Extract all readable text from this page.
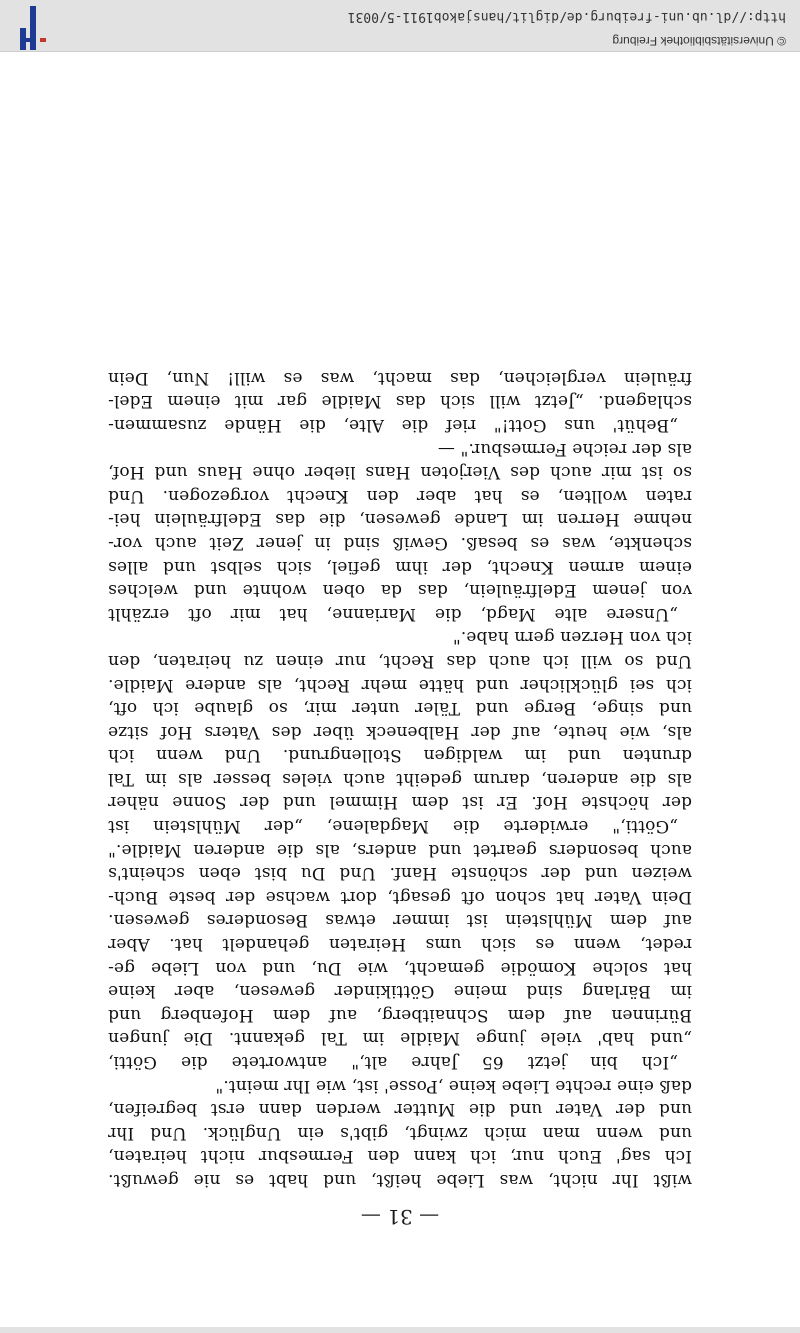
— 31 —
wißt Ihr nicht, was Liebe heißt, und habt es nie gewußt.
Ich sag' Euch nur, ich kann den Fermesbur nicht heiraten,
und wenn man mich zwingt, gibt's ein Unglück. Und Ihr
und der Vater und die Mutter werden dann erst begreifen,
daß eine rechte Liebe keine ,Posse' ist, wie Ihr meint."
„Ich bin jetzt 65 Jahre alt," antwortete die Götti,
„und hab' viele junge Maidle im Tal gekannt. Die jungen
Bürinnen auf dem Schnaitberg, auf dem Hofenberg und
im Bärlang sind meine Göttikinder gewesen, aber keine
hat solche Komödie gemacht, wie Du, und von Liebe ge-
redet, wenn es sich ums Heiraten gehandelt hat. Aber
auf dem Mühlstein ist immer etwas Besonderes gewesen.
Dein Vater hat schon oft gesagt, dort wachse der beste Buch-
weizen und der schönste Hanf. Und Du bist eben scheint's
auch besonders geartet und anders, als die anderen Maidle."
„Götti," erwiderte die Magdalene, „der Mühlstein ist
der höchste Hof. Er ist dem Himmel und der Sonne näher
als die anderen, darum gedeiht auch vieles besser als im Tal
drunten und im waldigen Stollengrund. Und wenn ich
als, wie heute, auf der Halbeneck über des Vaters Hof sitze
und singe, Berge und Täler unter mir, so glaube ich oft,
ich sei glücklicher und hätte mehr Recht, als andere Maidle.
Und so will ich auch das Recht, nur einen zu heiraten, den
ich von Herzen gern habe."
„Unsere alte Magd, die Marianne, hat mir oft erzählt
von jenem Edelfräulein, das da oben wohnte und welches
einem armen Knecht, der ihm gefiel, sich selbst und alles
schenkte, was es besaß. Gewiß sind in jener Zeit auch vor-
nehme Herren im Lande gewesen, die das Edelfräulein hei-
raten wollten, es hat aber den Knecht vorgezogen. Und
so ist mir auch des Vierjoten Hans lieber ohne Haus und Hof,
als der reiche Fermesbur." —
„Behüt' uns Gott!" rief die Alte, die Hände zusammen-
schlagend. „Jetzt will sich das Maidle gar mit einem Edel-
fräulein vergleichen, das macht, was es will! Nun, Dein
© Universitätsbibliothek Freiburg
http://dl.ub.uni-freiburg.de/diglit/hansjakob1911-5/0031
